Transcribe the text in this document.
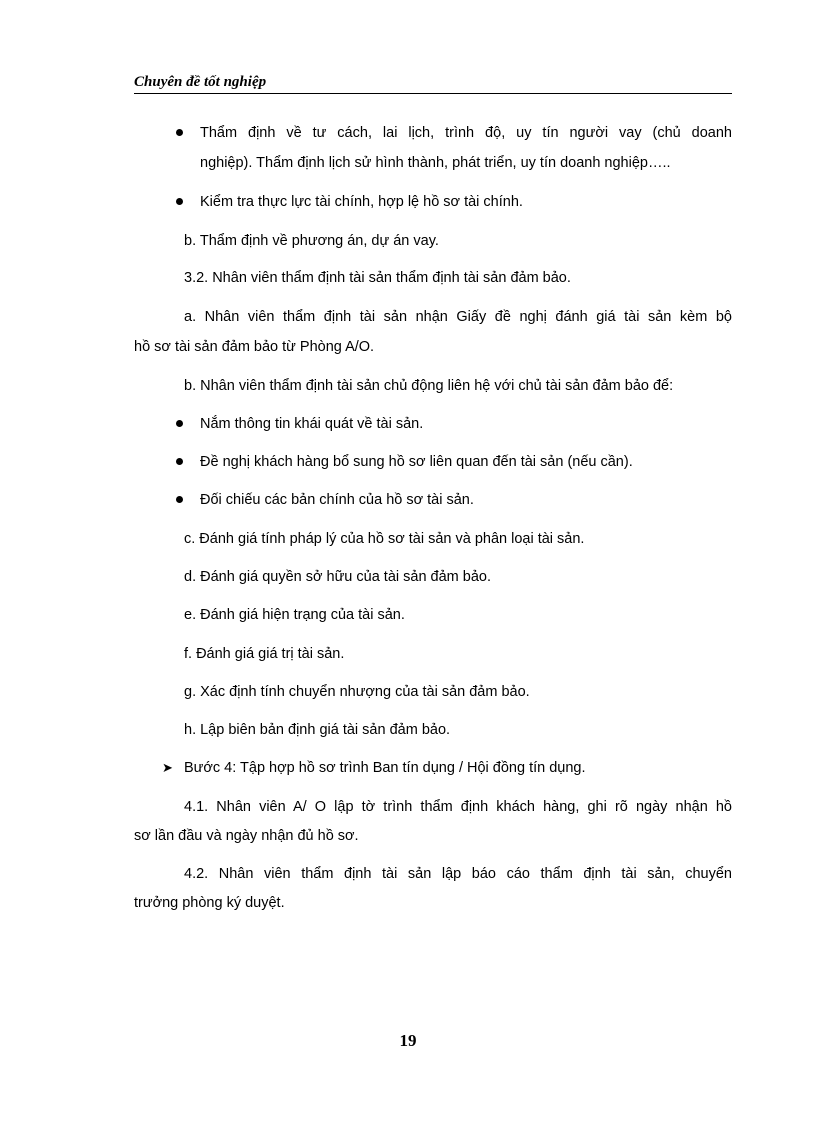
Chuyên đề tốt nghiệp
Thẩm định về tư cách, lai lịch, trình độ, uy tín người vay (chủ doanh
nghiệp). Thẩm định lịch sử hình thành, phát triển, uy tín doanh nghiệp…..
Kiểm tra thực lực tài chính, hợp lệ hồ sơ tài chính.
b. Thẩm định về phương án, dự án vay.
3.2. Nhân viên thẩm định tài sản thẩm định tài sản đảm bảo.
a. Nhân viên thẩm định tài sản nhận Giấy đề nghị đánh giá tài sản kèm bộ
hồ sơ tài sản đảm bảo từ Phòng A/O.
b. Nhân viên thẩm định tài sản chủ động liên hệ với chủ tài sản đảm bảo để:
Nắm thông tin khái quát về tài sản.
Đề nghị khách hàng bổ sung hồ sơ liên quan đến tài sản (nếu cần).
Đối chiếu các bản chính của hồ sơ tài sản.
c. Đánh giá tính pháp lý của hồ sơ tài sản và phân loại tài sản.
d. Đánh giá quyền sở hữu của tài sản đảm bảo.
e. Đánh giá hiện trạng của tài sản.
f. Đánh giá giá trị tài sản.
g. Xác định tính chuyển nhượng của tài sản đảm bảo.
h. Lập biên bản định giá tài sản đảm bảo.
➤ Bước 4: Tập hợp hồ sơ trình Ban tín dụng / Hội đồng tín dụng.
4.1. Nhân viên A/ O lập tờ trình thẩm định khách hàng, ghi rõ ngày nhận hồ
sơ lần đầu và ngày nhận đủ hồ sơ.
4.2. Nhân viên thẩm định tài sản lập báo cáo thẩm định tài sản, chuyển
trưởng phòng ký duyệt.
19
